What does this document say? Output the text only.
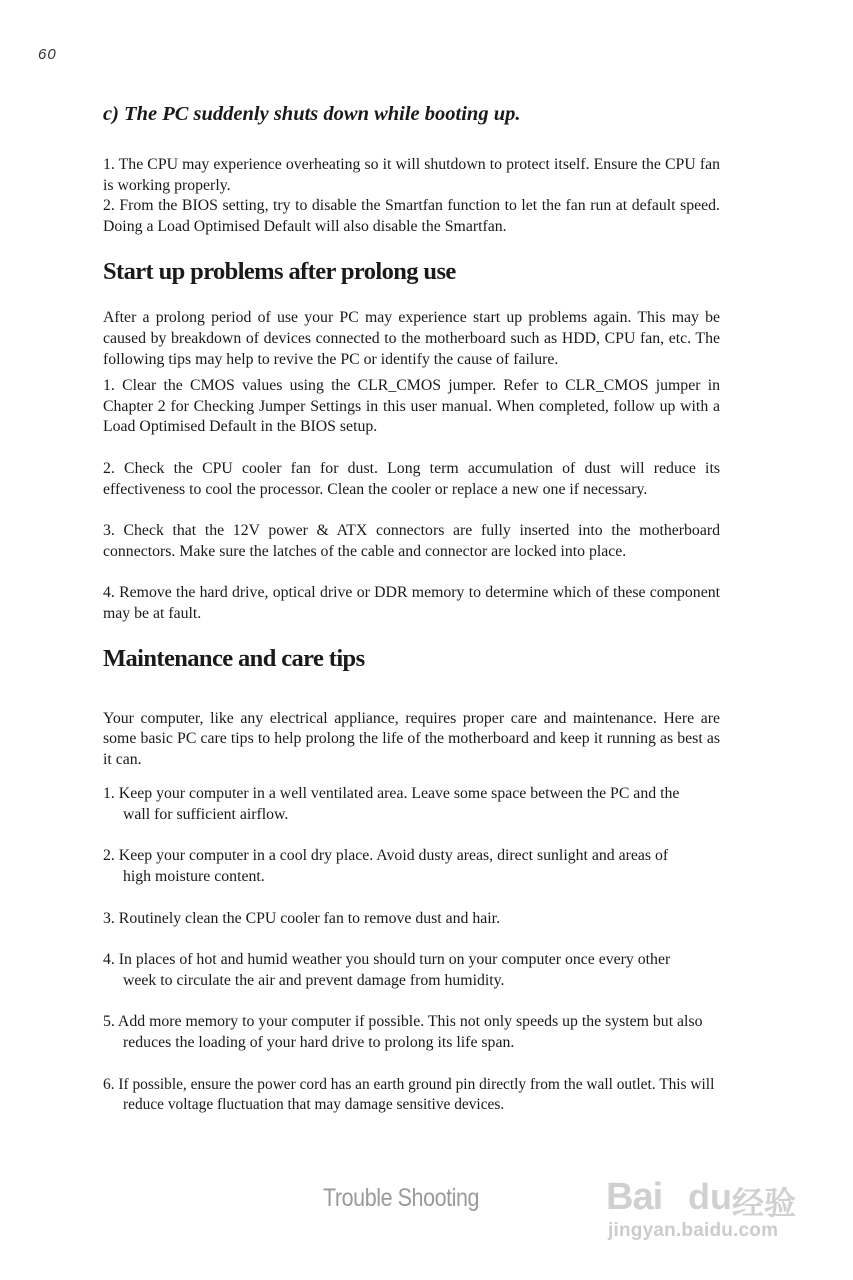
60
c) The PC suddenly shuts down while booting up.

1. The CPU may experience overheating so it will shutdown to protect itself. Ensure the CPU fan is working properly.

2. From the BIOS setting, try to disable the Smartfan function to let the fan run at default speed. Doing a Load Optimised Default will also disable the Smartfan.

Start up problems after prolong use

After a prolong period of use your PC may experience start up problems again. This may be caused by breakdown of devices connected to the motherboard such as HDD, CPU fan, etc. The following tips may help to revive the PC or identify the cause of failure.

1. Clear the CMOS values using the CLR_CMOS jumper. Refer to CLR_CMOS jumper in Chapter 2 for Checking Jumper Settings in this user manual. When completed, follow up with a Load Optimised Default in the BIOS setup.

2. Check the CPU cooler fan for dust. Long term accumulation of dust will reduce its effectiveness to cool the processor. Clean the cooler or replace a new one if necessary.

3. Check that the 12V power & ATX connectors are fully inserted into the motherboard connectors. Make sure the latches of the cable and connector are locked into place.

4. Remove the hard drive, optical drive or DDR memory to determine which of these component may be at fault.

Maintenance and care tips

Your computer, like any electrical appliance, requires proper care and maintenance. Here are some basic PC care tips to help prolong the life of the motherboard and keep it running as best as it can.

1. Keep your computer in a well ventilated area. Leave some space between the PC and the wall for sufficient airflow.

2. Keep your computer in a cool dry place. Avoid dusty areas, direct sunlight and areas of high moisture content.

3. Routinely clean the CPU cooler fan to remove dust and hair.

4. In places of hot and humid weather you should turn on your computer once every other week to circulate the air and prevent damage from humidity.

5. Add more memory to your computer if possible. This not only speeds up the system but also reduces the loading of your hard drive to prolong its life span.

6. If possible, ensure the power cord has an earth ground pin directly from the wall outlet. This will reduce voltage fluctuation that may damage sensitive devices.

Trouble Shooting	Bai du 经验
jingyan.baidu.com
